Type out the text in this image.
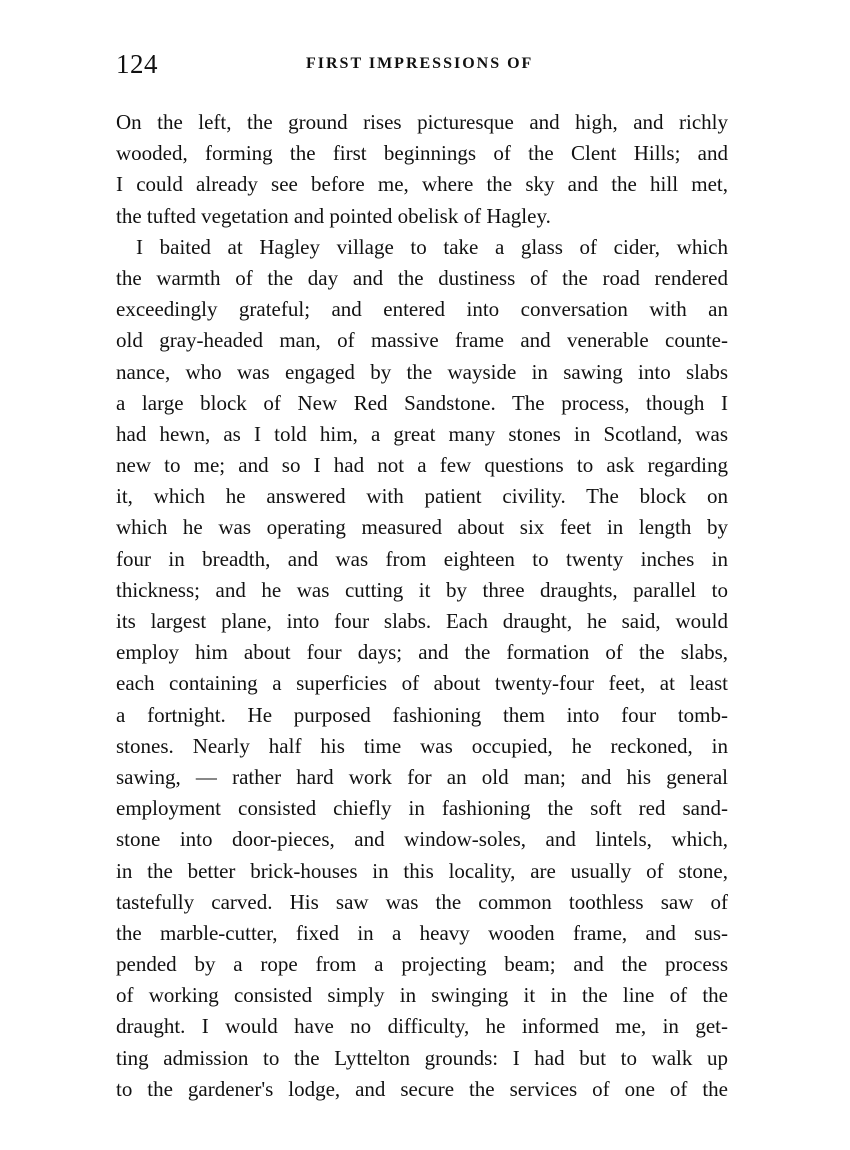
124	FIRST IMPRESSIONS OF
On the left, the ground rises picturesque and high, and richly
wooded, forming the first beginnings of the Clent Hills; and
I could already see before me, where the sky and the hill met,
the tufted vegetation and pointed obelisk of Hagley.
I baited at Hagley village to take a glass of cider, which
the warmth of the day and the dustiness of the road rendered
exceedingly grateful; and entered into conversation with an
old gray-headed man, of massive frame and venerable counte-
nance, who was engaged by the wayside in sawing into slabs
a large block of New Red Sandstone. The process, though I
had hewn, as I told him, a great many stones in Scotland, was
new to me; and so I had not a few questions to ask regarding
it, which he answered with patient civility. The block on
which he was operating measured about six feet in length by
four in breadth, and was from eighteen to twenty inches in
thickness; and he was cutting it by three draughts, parallel to
its largest plane, into four slabs. Each draught, he said, would
employ him about four days; and the formation of the slabs,
each containing a superficies of about twenty-four feet, at least
a fortnight. He purposed fashioning them into four tomb-
stones. Nearly half his time was occupied, he reckoned, in
sawing, — rather hard work for an old man; and his general
employment consisted chiefly in fashioning the soft red sand-
stone into door-pieces, and window-soles, and lintels, which,
in the better brick-houses in this locality, are usually of stone,
tastefully carved. His saw was the common toothless saw of
the marble-cutter, fixed in a heavy wooden frame, and sus-
pended by a rope from a projecting beam; and the process
of working consisted simply in swinging it in the line of the
draught. I would have no difficulty, he informed me, in get-
ting admission to the Lyttelton grounds: I had but to walk up
to the gardener's lodge, and secure the services of one of the
